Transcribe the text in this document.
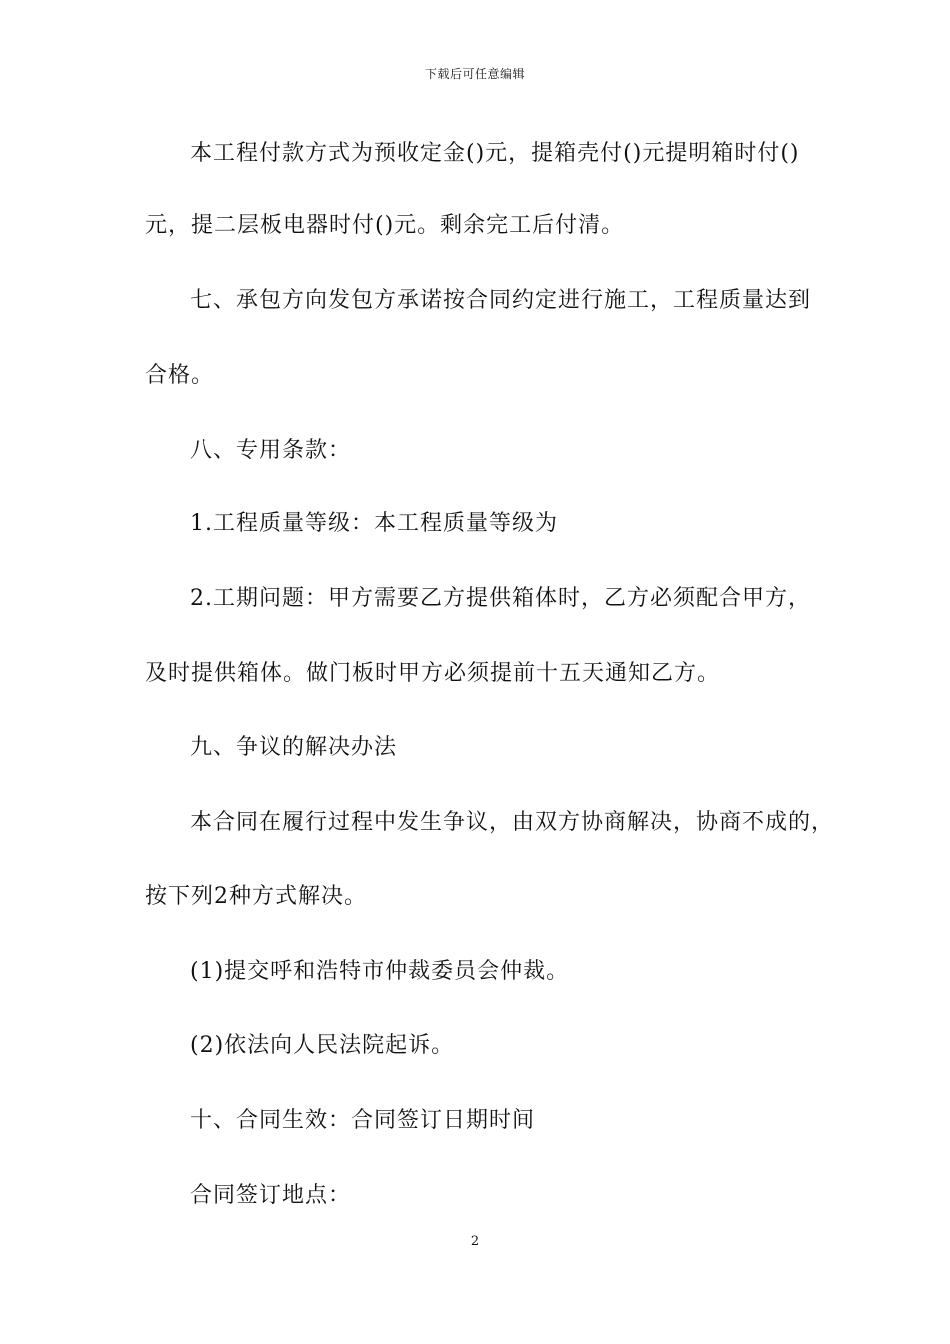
下载后可任意编辑
本工程付款方式为预收定金()元，提箱壳付()元提明箱时付()
元，提二层板电器时付()元。剩余完工后付清。
七、承包方向发包方承诺按合同约定进行施工，工程质量达到
合格。
八、专用条款：
1.工程质量等级：本工程质量等级为
2.工期问题：甲方需要乙方提供箱体时，乙方必须配合甲方，
及时提供箱体。做门板时甲方必须提前十五天通知乙方。
九、争议的解决办法
本合同在履行过程中发生争议，由双方协商解决，协商不成的，
按下列2种方式解决。
(1)提交呼和浩特市仲裁委员会仲裁。
(2)依法向人民法院起诉。
十、合同生效：合同签订日期时间
合同签订地点：
2
